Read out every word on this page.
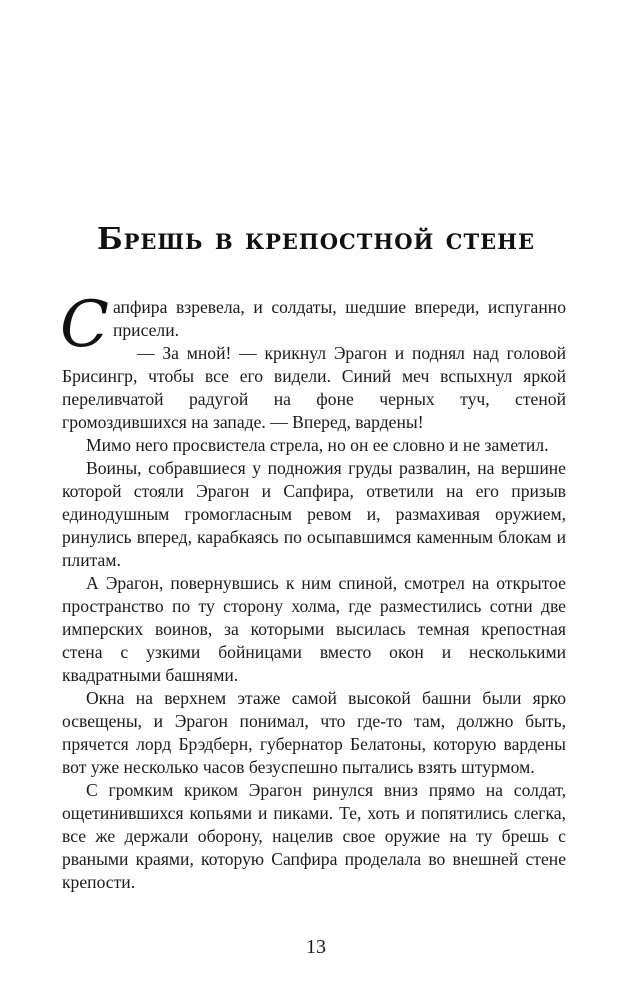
Брешь в крепостной стене

Сапфира взревела, и солдаты, шедшие впереди, испуганно присели.

— За мной! — крикнул Эрагон и поднял над головой Брисингр, чтобы все его видели. Синий меч вспыхнул яркой переливчатой радугой на фоне черных туч, стеной громоздившихся на западе. — Вперед, вардены!

Мимо него просвистела стрела, но он ее словно и не заметил.

Воины, собравшиеся у подножия груды развалин, на вершине которой стояли Эрагон и Сапфира, ответили на его призыв единодушным громогласным ревом и, размахивая оружием, ринулись вперед, карабкаясь по осыпавшимся каменным блокам и плитам.

А Эрагон, повернувшись к ним спиной, смотрел на открытое пространство по ту сторону холма, где разместились сотни две имперских воинов, за которыми высилась темная крепостная стена с узкими бойницами вместо окон и несколькими квадратными башнями.

Окна на верхнем этаже самой высокой башни были ярко освещены, и Эрагон понимал, что где-то там, должно быть, прячется лорд Брэдберн, губернатор Белатоны, которую вардены вот уже несколько часов безуспешно пытались взять штурмом.

С громким криком Эрагон ринулся вниз прямо на солдат, ощетинившихся копьями и пиками. Те, хоть и попятились слегка, все же держали оборону, нацелив свое оружие на ту брешь с рваными краями, которую Сапфира проделала во внешней стене крепости.

13
